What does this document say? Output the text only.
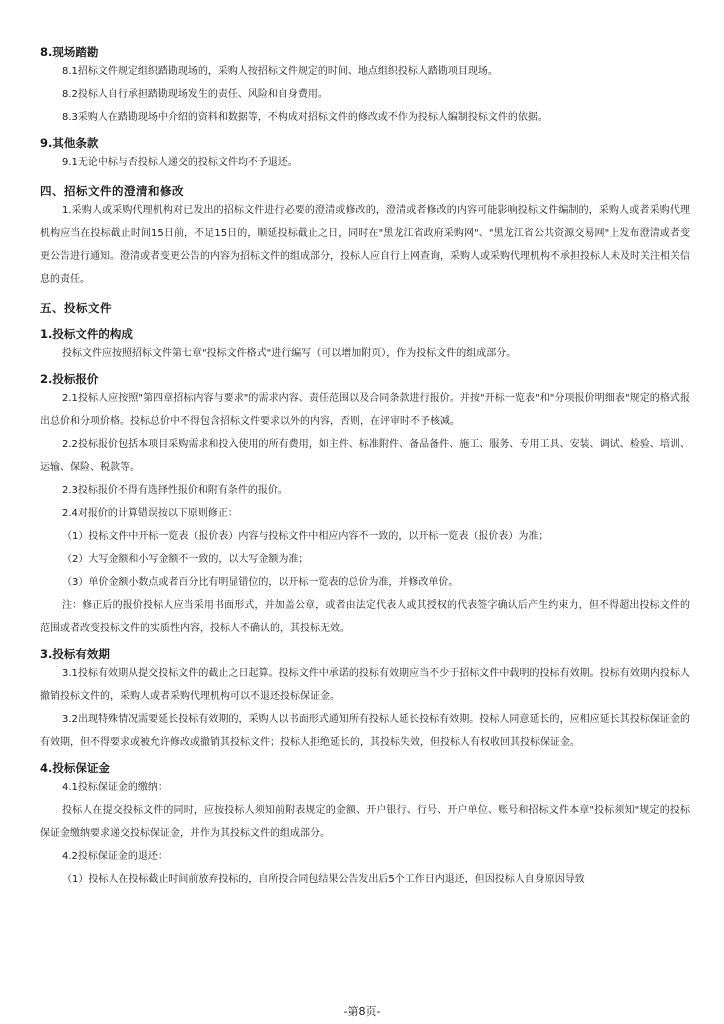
8.现场踏勘

8.1招标文件规定组织踏勘现场的，采购人按招标文件规定的时间、地点组织投标人踏勘项目现场。

8.2投标人自行承担踏勘现场发生的责任、风险和自身费用。

8.3采购人在踏勘现场中介绍的资料和数据等，不构成对招标文件的修改或不作为投标人编制投标文件的依据。

9.其他条款

9.1无论中标与否投标人递交的投标文件均不予退还。

四、招标文件的澄清和修改

1.采购人或采购代理机构对已发出的招标文件进行必要的澄清或修改的，澄清或者修改的内容可能影响投标文件编制的，采购人或者采购代理机构应当在投标截止时间15日前，不足15日的，顺延投标截止之日，同时在"黑龙江省政府采购网"、"黑龙江省公共资源交易网"上发布澄清或者变更公告进行通知。澄清或者变更公告的内容为招标文件的组成部分，投标人应自行上网查询，采购人或采购代理机构不承担投标人未及时关注相关信息的责任。

五、投标文件

1.投标文件的构成

投标文件应按照招标文件第七章"投标文件格式"进行编写（可以增加附页），作为投标文件的组成部分。

2.投标报价

2.1投标人应按照"第四章招标内容与要求"的需求内容、责任范围以及合同条款进行报价。并按"开标一览表"和"分项报价明细表"规定的格式报出总价和分项价格。投标总价中不得包含招标文件要求以外的内容，否则，在评审时不予核减。

2.2投标报价包括本项目采购需求和投入使用的所有费用，如主件、标准附件、备品备件、施工、服务、专用工具、安装、调试、检验、培训、运输、保险、税款等。

2.3投标报价不得有选择性报价和附有条件的报价。

2.4对报价的计算错误按以下原则修正：

（1）投标文件中开标一览表（报价表）内容与投标文件中相应内容不一致的，以开标一览表（报价表）为准；

（2）大写金额和小写金额不一致的，以大写金额为准；

（3）单价金额小数点或者百分比有明显错位的，以开标一览表的总价为准，并修改单价。

注：修正后的报价投标人应当采用书面形式，并加盖公章，或者由法定代表人或其授权的代表签字确认后产生约束力，但不得超出投标文件的范围或者改变投标文件的实质性内容，投标人不确认的，其投标无效。

3.投标有效期

3.1投标有效期从提交投标文件的截止之日起算。投标文件中承诺的投标有效期应当不少于招标文件中载明的投标有效期。投标有效期内投标人撤销投标文件的，采购人或者采购代理机构可以不退还投标保证金。

3.2出现特殊情况需要延长投标有效期的，采购人以书面形式通知所有投标人延长投标有效期。投标人同意延长的，应相应延长其投标保证金的有效期，但不得要求或被允许修改或撤销其投标文件；投标人拒绝延长的，其投标失效，但投标人有权收回其投标保证金。

4.投标保证金

4.1投标保证金的缴纳：

投标人在提交投标文件的同时，应按投标人须知前附表规定的金额、开户银行、行号、开户单位、账号和招标文件本章"投标须知"规定的投标保证金缴纳要求递交投标保证金，并作为其投标文件的组成部分。

4.2投标保证金的退还：

（1）投标人在投标截止时间前放弃投标的，自所投合同包结果公告发出后5个工作日内退还，但因投标人自身原因导致

-第8页-
